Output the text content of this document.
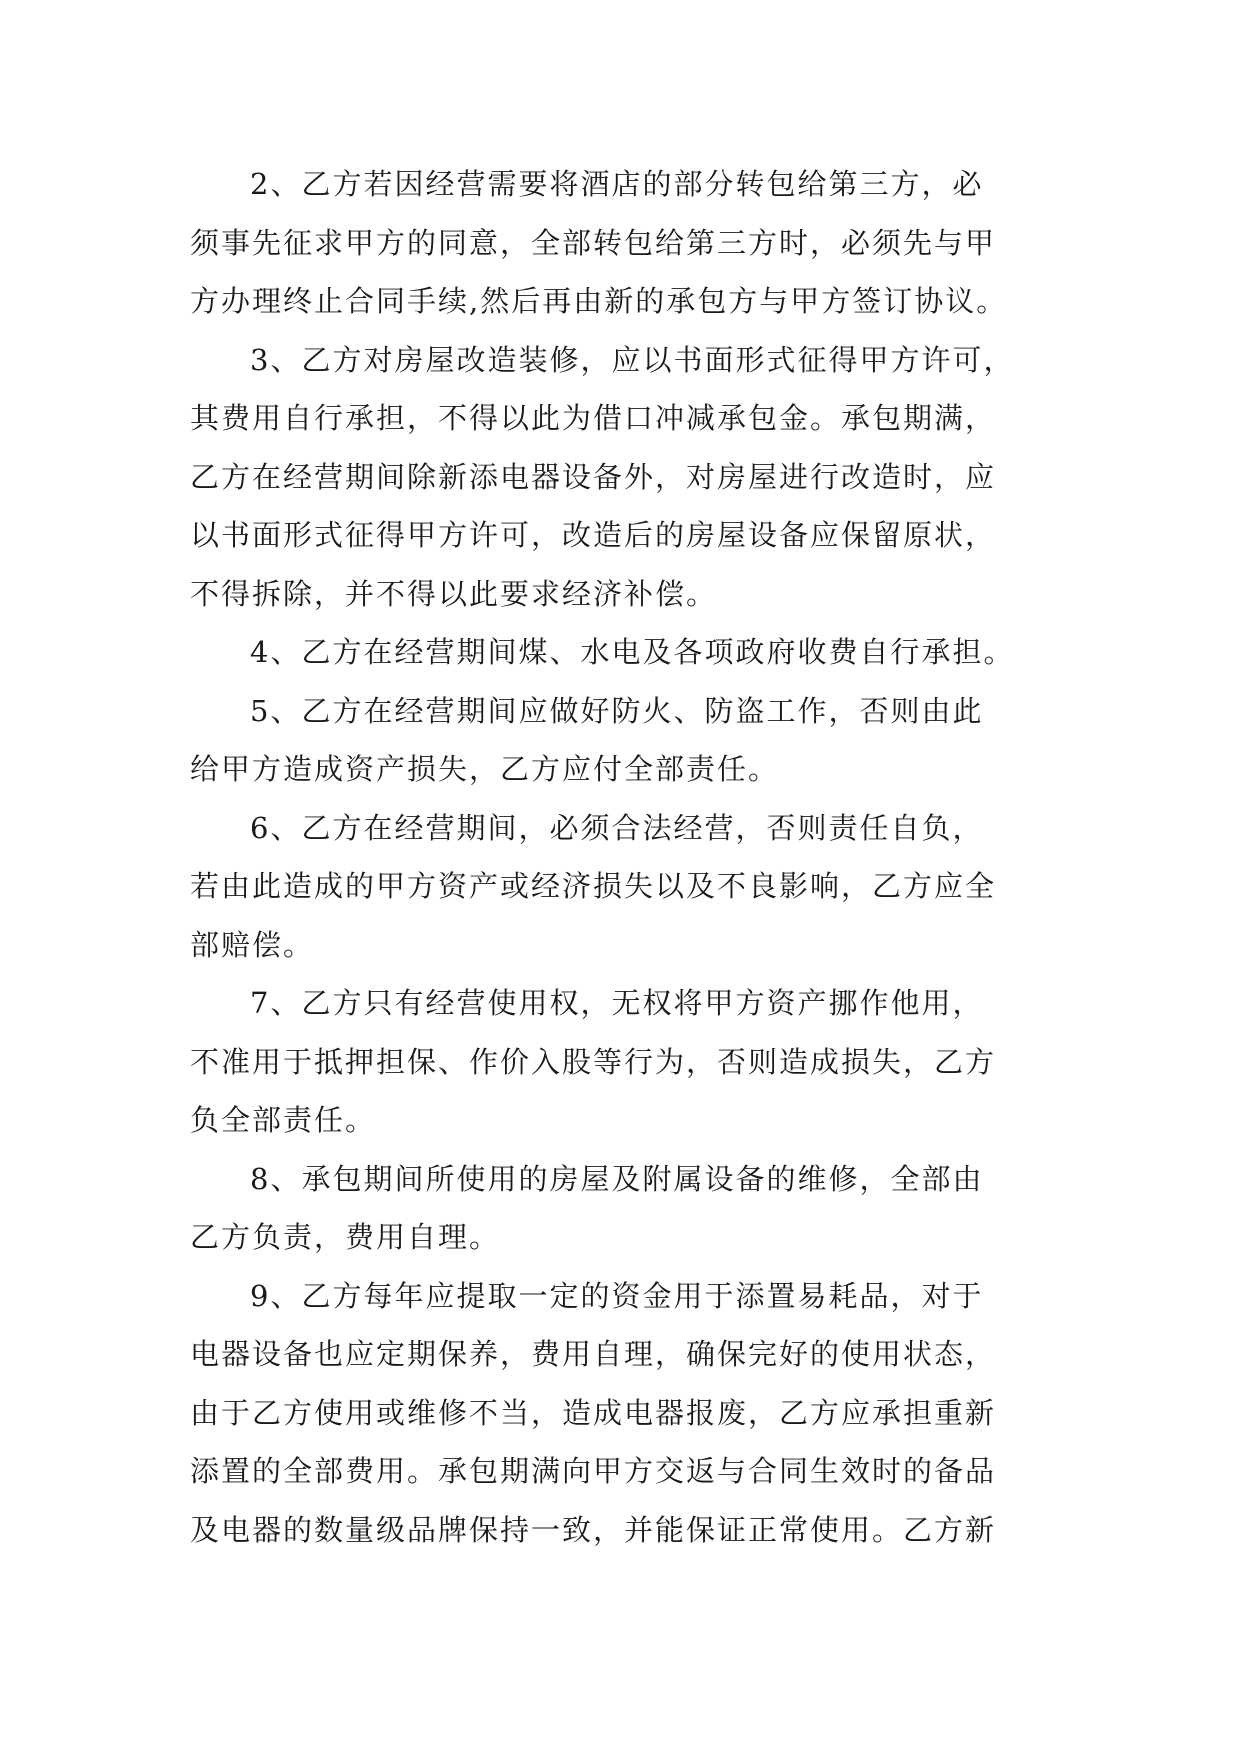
2、乙方若因经营需要将酒店的部分转包给第三方，必
须事先征求甲方的同意，全部转包给第三方时，必须先与甲
方办理终止合同手续,然后再由新的承包方与甲方签订协议。
3、乙方对房屋改造装修，应以书面形式征得甲方许可，
其费用自行承担，不得以此为借口冲减承包金。承包期满，
乙方在经营期间除新添电器设备外，对房屋进行改造时，应
以书面形式征得甲方许可，改造后的房屋设备应保留原状，
不得拆除，并不得以此要求经济补偿。
4、乙方在经营期间煤、水电及各项政府收费自行承担。
5、乙方在经营期间应做好防火、防盗工作，否则由此
给甲方造成资产损失，乙方应付全部责任。
6、乙方在经营期间，必须合法经营，否则责任自负，
若由此造成的甲方资产或经济损失以及不良影响，乙方应全
部赔偿。
7、乙方只有经营使用权，无权将甲方资产挪作他用，
不准用于抵押担保、作价入股等行为，否则造成损失，乙方
负全部责任。
8、承包期间所使用的房屋及附属设备的维修，全部由
乙方负责，费用自理。
9、乙方每年应提取一定的资金用于添置易耗品，对于
电器设备也应定期保养，费用自理，确保完好的使用状态，
由于乙方使用或维修不当，造成电器报废，乙方应承担重新
添置的全部费用。承包期满向甲方交返与合同生效时的备品
及电器的数量级品牌保持一致，并能保证正常使用。乙方新
